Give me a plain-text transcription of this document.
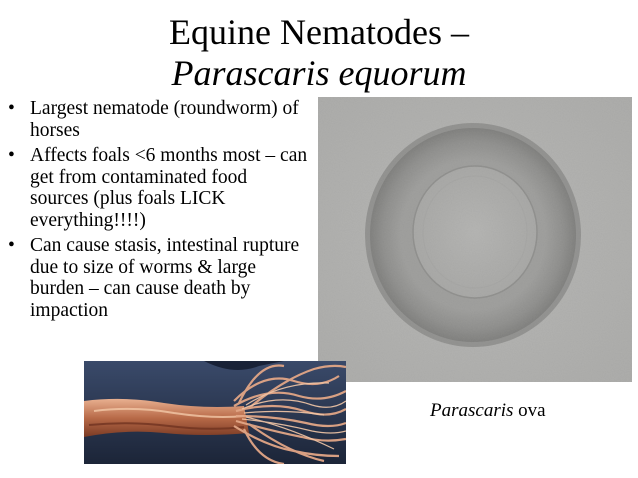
Equine Nematodes –
Parascaris equorum
• Largest nematode (roundworm) of horses
• Affects foals <6 months most – can get from contaminated food sources (plus foals LICK everything!!!!)
• Can cause stasis, intestinal rupture due to size of worms & large burden – can cause death by impaction
Parascaris ova
